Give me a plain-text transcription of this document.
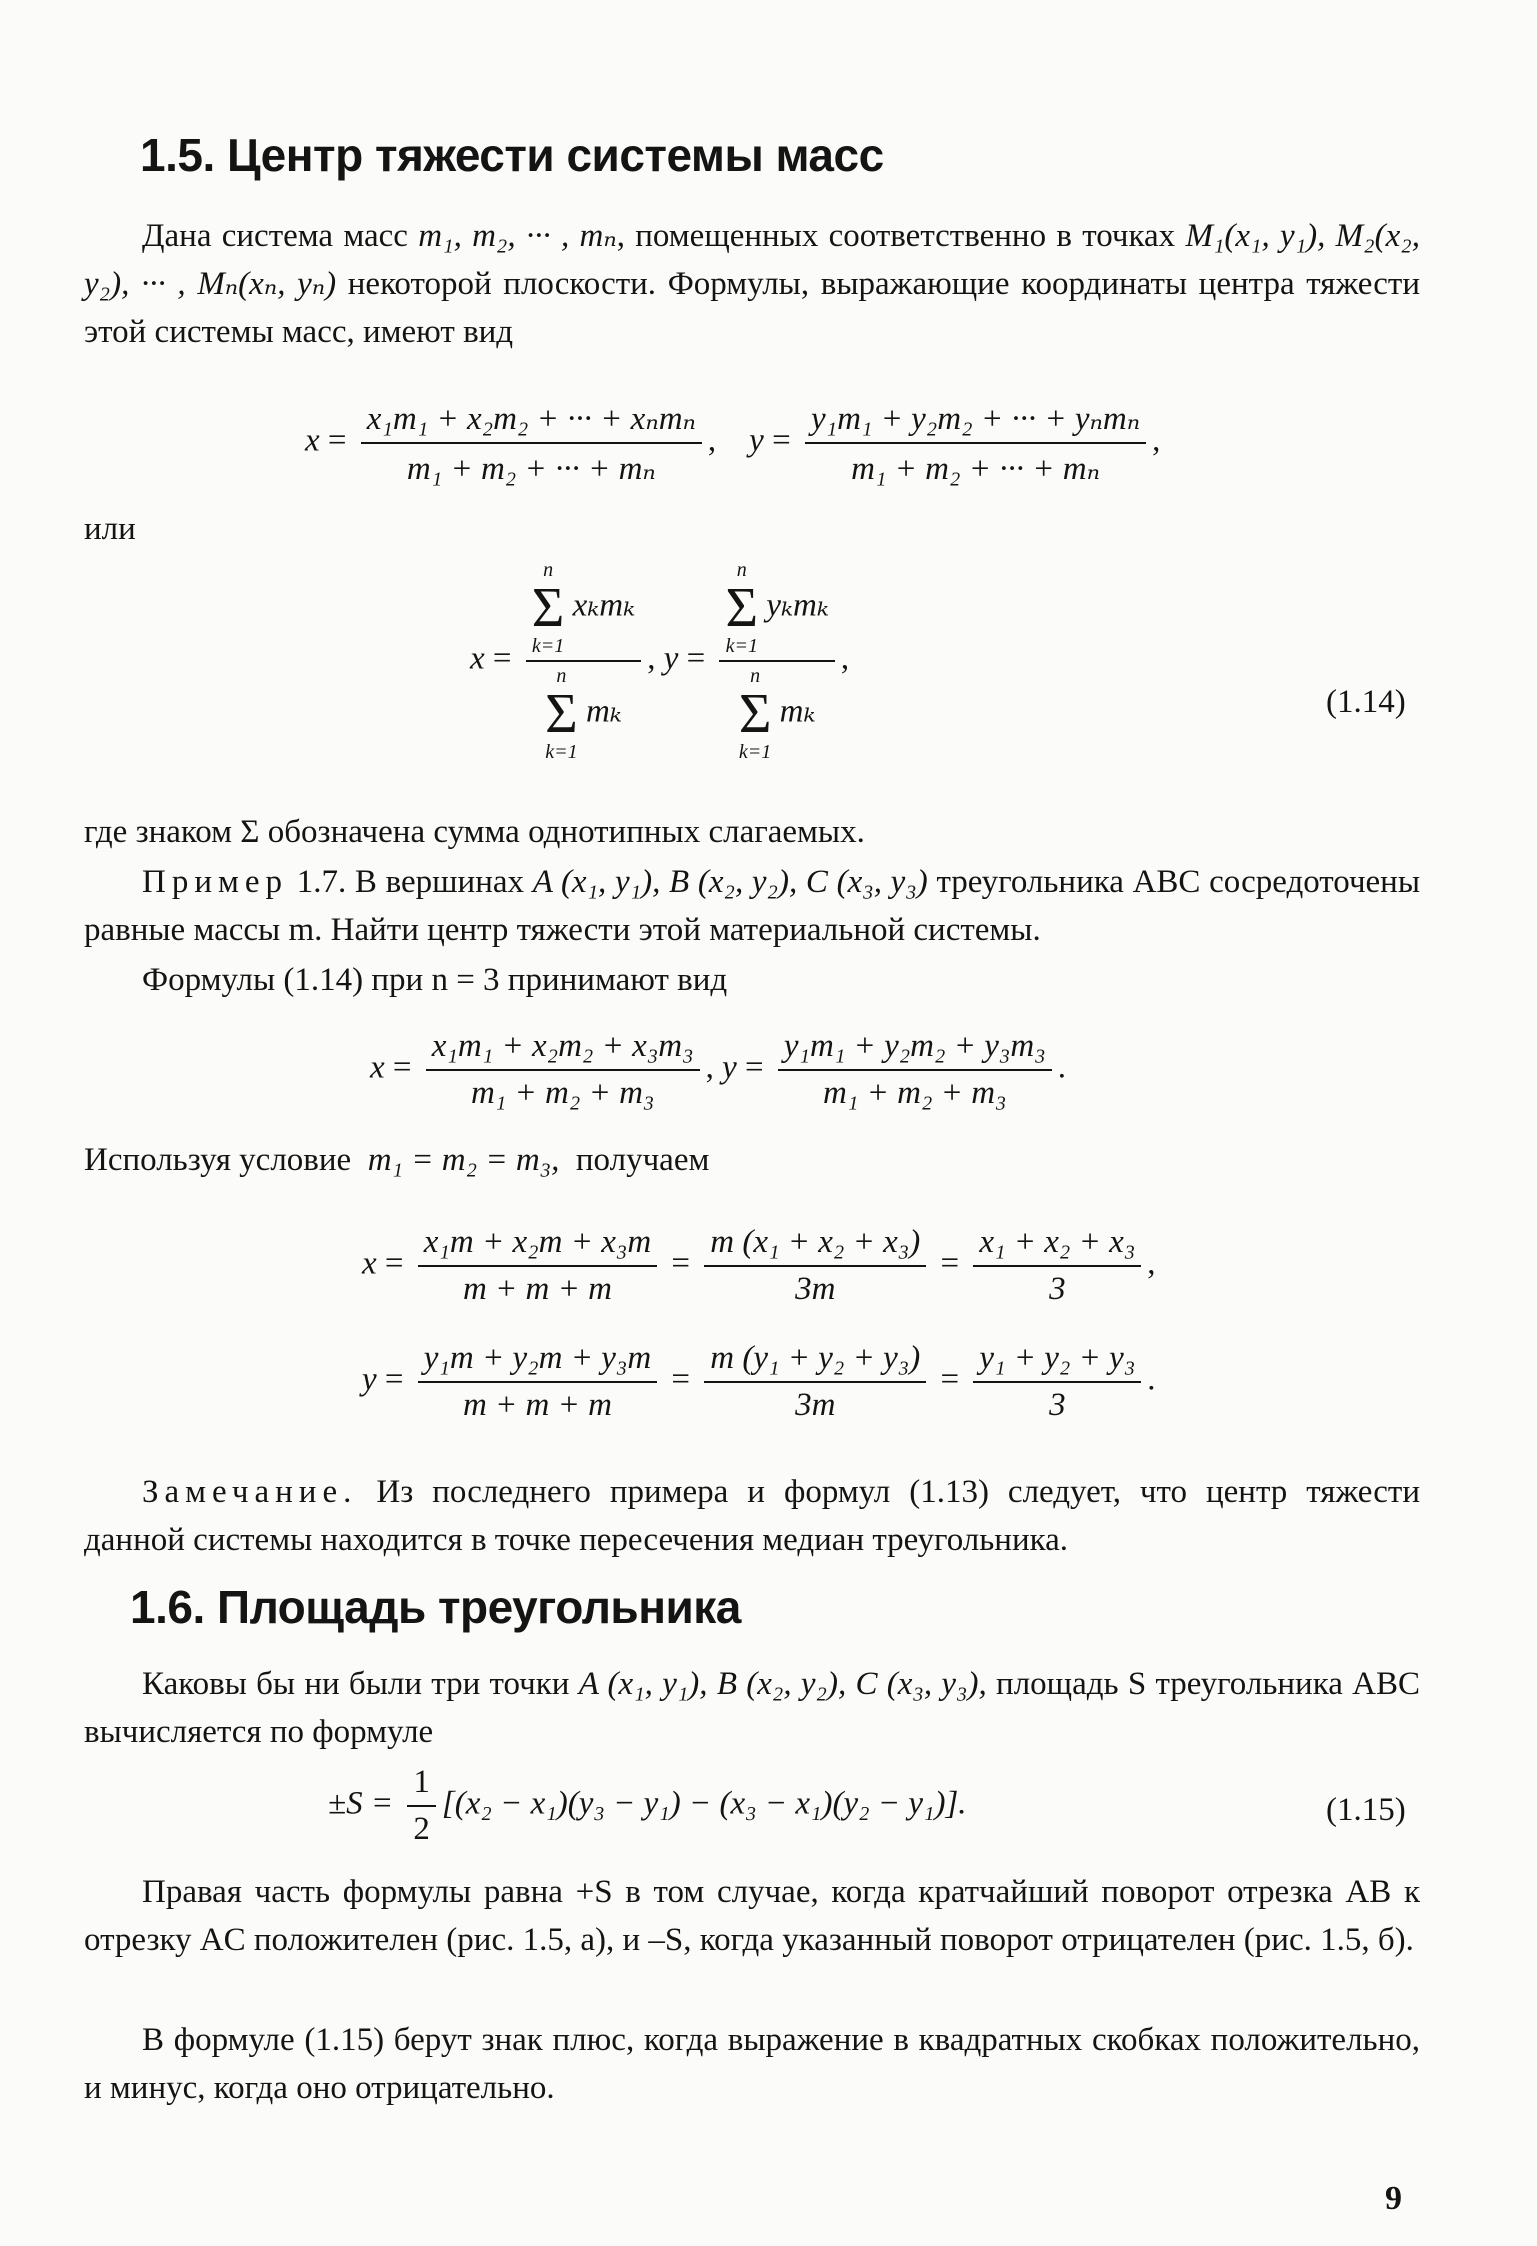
1.5. Центр тяжести системы масс
Дана система масс m₁, m₂, ··· , mₙ, помещенных соответственно в точках M₁(x₁, y₁), M₂(x₂, y₂), ··· , Mₙ(xₙ, yₙ) некоторой плоскости. Формулы, выражающие координаты центра тяжести этой системы масс, имеют вид
$x = \frac{\text{x₁m₁ + x₂m₂ + ··· + xₙmₙ}}{\text{m₁ + m₂ + ··· + mₙ}}$ ,    $y = \frac{\text{y₁m₁ + y₂m₂ + ··· + yₙmₙ}}{\text{m₁ + m₂ + ··· + mₙ}}$ ,
или
x = n
Σ
k=1
xₖmₖ
n
Σ
k=1
mₖ , y = n
Σ
k=1
yₖmₖ
n
Σ
k=1
mₖ ,
(1.14)
где знаком Σ обозначена сумма однотипных слагаемых.
Пример 1.7. В вершинах A (x₁, y₁), B (x₂, y₂), C (x₃, y₃) треугольника ABC сосредоточены равные массы m. Найти центр тяжести этой материальной системы.
Формулы (1.14) при n = 3 принимают вид
$x = \frac{\text{x₁m₁ + x₂m₂ + x₃m₃}}{\text{m₁ + m₂ + m₃}}$ , $y = \frac{\text{y₁m₁ + y₂m₂ + y₃m₃}}{\text{m₁ + m₂ + m₃}}$ .
Используя условие m₁ = m₂ = m₃, получаем
$x = \frac{\text{x₁m + x₂m + x₃m}}{m + m + m} = \frac{\text{m (x₁ + x₂ + x₃)}}{3m} = \frac{\text{x₁ + x₂ + x₃}}{3}$ ,
$y = \frac{\text{y₁m + y₂m + y₃m}}{m + m + m} = \frac{\text{m (y₁ + y₂ + y₃)}}{3m} = \frac{\text{y₁ + y₂ + y₃}}{3}$ .
Замечание. Из последнего примера и формул (1.13) следует, что центр тяжести данной системы находится в точке пересечения медиан треугольника.
1.6. Площадь треугольника
Каковы бы ни были три точки A (x₁, y₁), B (x₂, y₂), C (x₃, y₃), площадь S треугольника ABC вычисляется по формуле
$\pm S = \frac{1}{2} [(x_2 - x_1)(y_3 - y_1) - (x_3 - x_1)(y_2 - y_1)]$.	(1.15)
Правая часть формулы равна +S в том случае, когда кратчайший поворот отрезка AB к отрезку AC положителен (рис. 1.5, а), и –S, когда указанный поворот отрицателен (рис. 1.5, б).
В формуле (1.15) берут знак плюс, когда выражение в квадратных скобках положительно, и минус, когда оно отрицательно.
9
